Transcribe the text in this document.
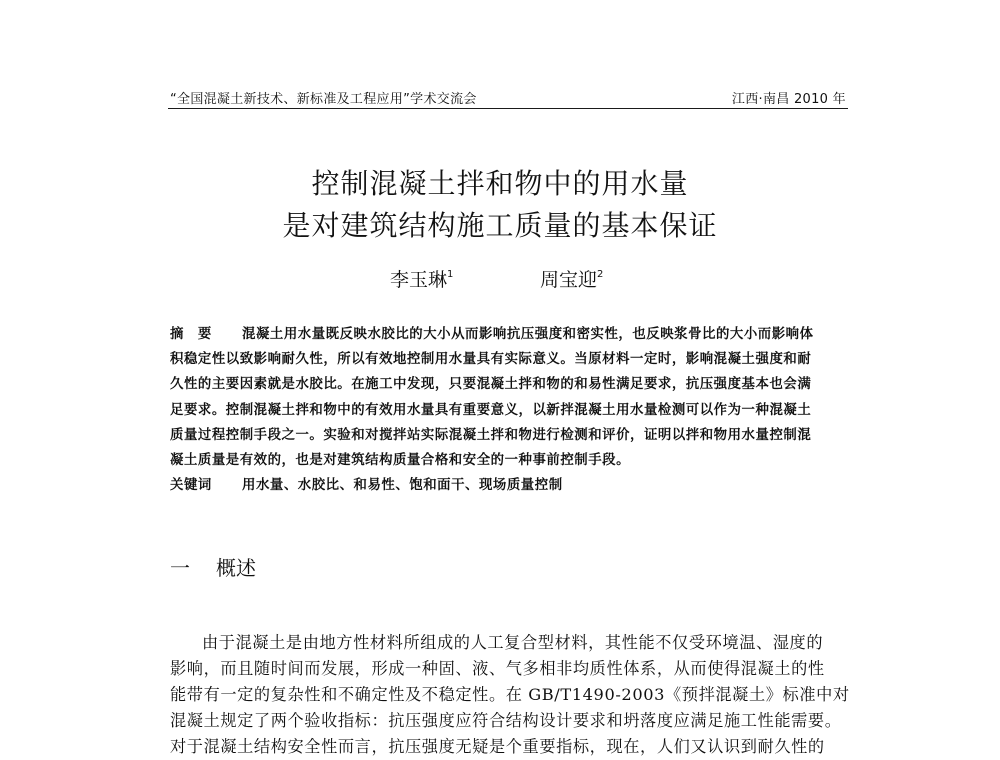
“全国混凝土新技术、新标准及工程应用”学术交流会	江西·南昌 2010 年
控制混凝土拌和物中的用水量
是对建筑结构施工质量的基本保证
李玉琳$^1$	周宝迎$^2$
摘　要 混凝土用水量既反映水胶比的大小从而影响抗压强度和密实性，也反映浆骨比的大小而影响体
积稳定性以致影响耐久性，所以有效地控制用水量具有实际意义。当原材料一定时，影响混凝土强度和耐
久性的主要因素就是水胶比。在施工中发现，只要混凝土拌和物的和易性满足要求，抗压强度基本也会满
足要求。控制混凝土拌和物中的有效用水量具有重要意义，以新拌混凝土用水量检测可以作为一种混凝土
质量过程控制手段之一。实验和对搅拌站实际混凝土拌和物进行检测和评价，证明以拌和物用水量控制混
凝土质量是有效的，也是对建筑结构质量合格和安全的一种事前控制手段。
关键词 用水量、水胶比、和易性、饱和面干、现场质量控制
一 概述
由于混凝土是由地方性材料所组成的人工复合型材料，其性能不仅受环境温、湿度的
影响，而且随时间而发展，形成一种固、液、气多相非均质性体系，从而使得混凝土的性
能带有一定的复杂性和不确定性及不稳定性。在 GB/T1490-2003《预拌混凝土》标准中对
混凝土规定了两个验收指标：抗压强度应符合结构设计要求和坍落度应满足施工性能需要。
对于混凝土结构安全性而言，抗压强度无疑是个重要指标，现在，人们又认识到耐久性的
